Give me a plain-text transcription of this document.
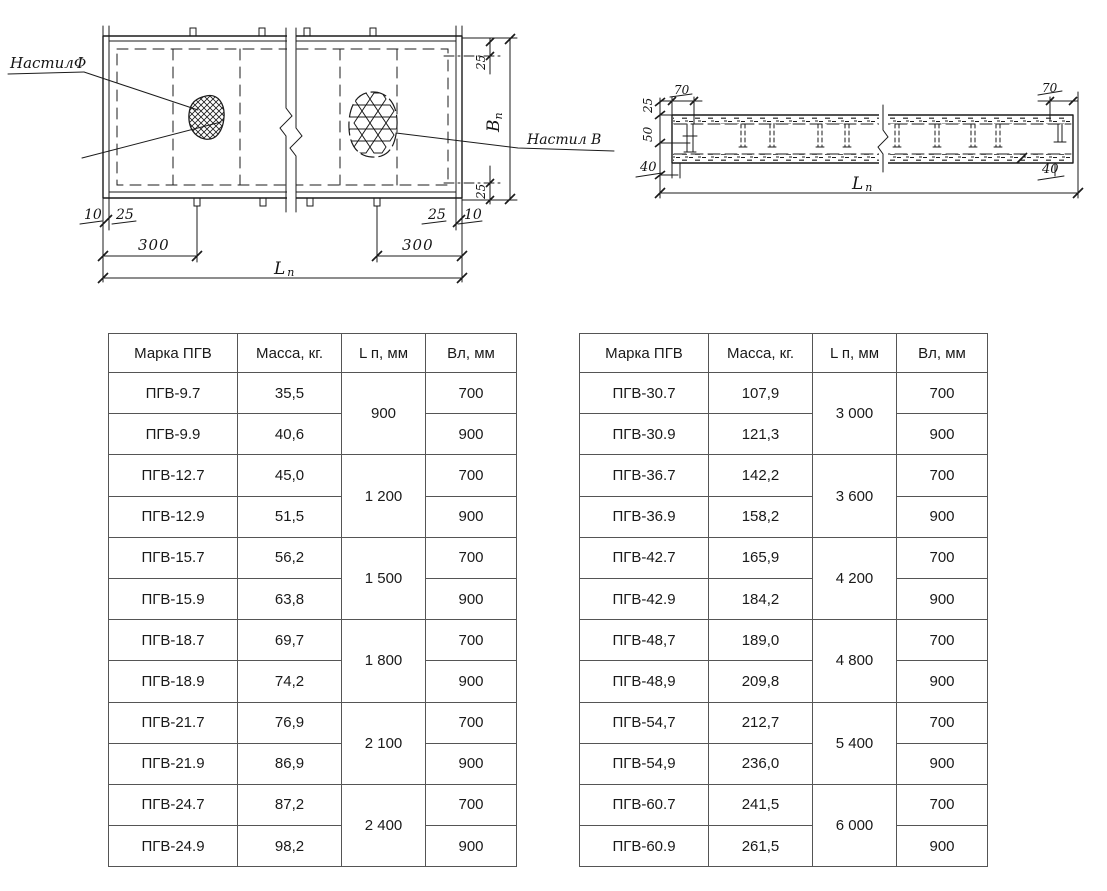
НастилФ
Настил В
Вп
25
25
10 25	25 10
300	300
Lп
25
50
40
70	70
40
Lп
Марка ПГВ	Масса, кг.	L п, мм	Вл, мм
ПГВ-9.7	35,5	900	700
ПГВ-9.9	40,6		900
ПГВ-12.7	45,0	1 200	700
ПГВ-12.9	51,5		900
ПГВ-15.7	56,2	1 500	700
ПГВ-15.9	63,8		900
ПГВ-18.7	69,7	1 800	700
ПГВ-18.9	74,2		900
ПГВ-21.7	76,9	2 100	700
ПГВ-21.9	86,9		900
ПГВ-24.7	87,2	2 400	700
ПГВ-24.9	98,2		900
Марка ПГВ	Масса, кг.	L п, мм	Вл, мм
ПГВ-30.7	107,9	3 000	700
ПГВ-30.9	121,3		900
ПГВ-36.7	142,2	3 600	700
ПГВ-36.9	158,2		900
ПГВ-42.7	165,9	4 200	700
ПГВ-42.9	184,2		900
ПГВ-48,7	189,0	4 800	700
ПГВ-48,9	209,8		900
ПГВ-54,7	212,7	5 400	700
ПГВ-54,9	236,0		900
ПГВ-60.7	241,5	6 000	700
ПГВ-60.9	261,5		900
